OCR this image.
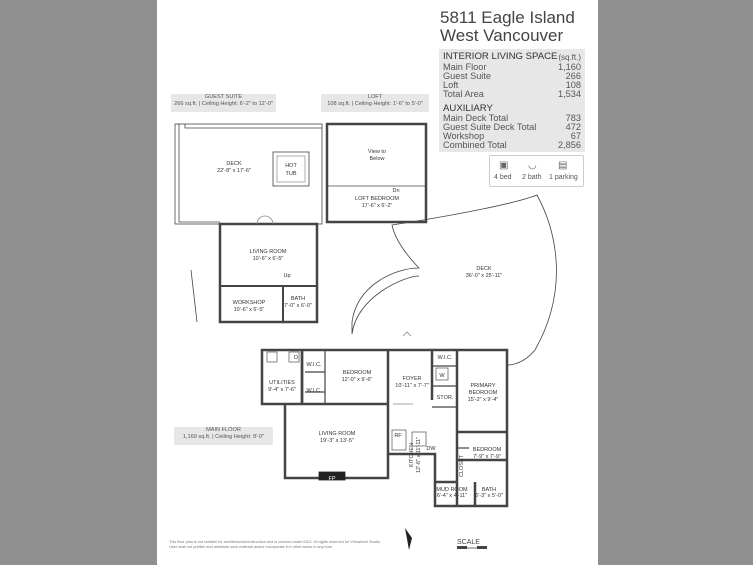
5811 Eagle Island
West Vancouver
INTERIOR LIVING SPACE (sq.ft.)
Main Floor	1,160
Guest Suite	266
Loft	108
Total Area	1,534
AUXILIARY
Main Deck Total	783
Guest Suite Deck Total	472
Workshop	67
Combined Total	2,856
▣ ◡ ▤
4 bed 2 bath 1 parking
GUEST SUITE
266 sq.ft. | Ceiling Height: 6'-2" to 12'-0"
LOFT
108 sq.ft. | Ceiling Height: 1'-6" to 5'-0"
MAIN FLOOR
1,160 sq.ft. | Ceiling Height: 8'-0"
DECK
22'-8" x 17'-6"
HOT
TUB
View to
Below
Dn
LOFT BEDROOM
17'-6" x 6'-2"
LIVING ROOM
10'-6" x 6'-5"
Up
WORKSHOP
10'-6" x 6'-5"
BATH
7'-0" x 6'-0"
DECK
36'-0" x 25'-11"
BEDROOM
12'-0" x 9'-6"	FOYER
10'-11" x 7'-7"
W.I.C.
W.I.C.
W.I.C.
UTILITIES
9'-4" x 7'-6"
W
D
STOR.
PRIMARY
BEDROOM
15'-2" x 9'-4"
LIVING ROOM
19'-3" x 13'-5"
RF
DW	BEDROOM
7'-9" x 7'-9"
FP
MUD ROOM
6'-4" x 4'-11"
BATH
6'-3" x 5'-0"
KITCHEN 12'-6" x 11'-11"	CLOSET
This floor plan is not suitable for architectural/construction and is covered under E&O. All rights reserved for Virtualized Studio. User shall not publish and distribute such material and/or incorporate it in other works in any form.
SCALE
